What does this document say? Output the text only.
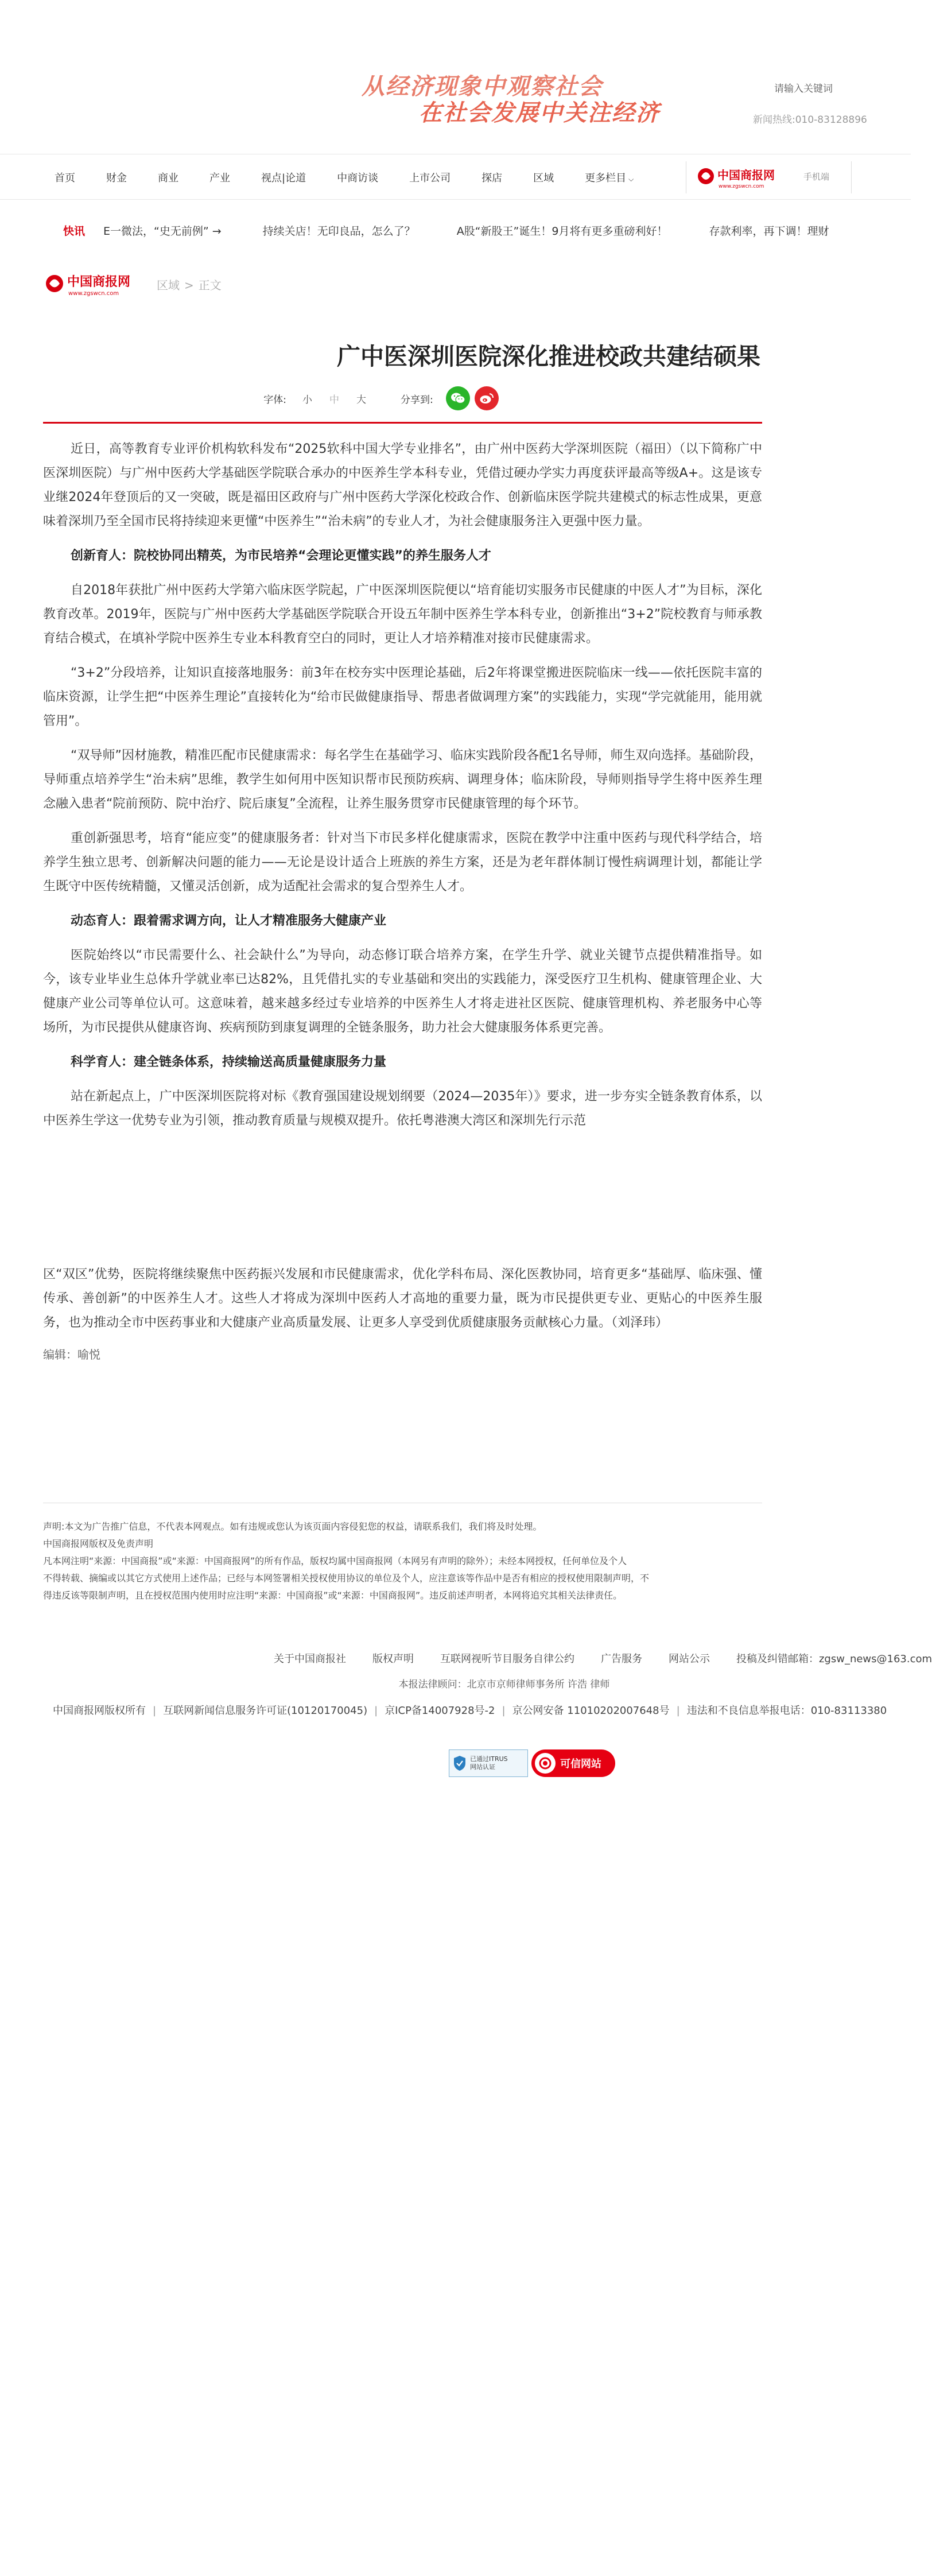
从经济现象中观察社会
在社会发展中关注经济
请输入关键词	新闻热线:010-83128896
首页	财金	商业	产业	视点|论道	中商访谈	上市公司	探店	区域	更多栏目 ⌵	中国商报网
www.zgswcn.com
手机端
快讯 E一微法，“史无前例” →	持续关店！无印良品，怎么了？	A股“新股王”诞生！9月将有更多重磅利好！	存款利率，再下调！理财
中国商报网
www.zgswcn.com
区域 > 正文
广中医深圳医院深化推进校政共建结硕果
字体: 小 中 大	分享到:

近日，高等教育专业评价机构软科发布“2025软科中国大学专业排名”，由广州中医药大学深圳医院（福田）（以下简称广中医深圳医院）与广州中医药大学基础医学院联合承办的中医养生学本科专业，凭借过硬办学实力再度获评最高等级A+。这是该专业继2024年登顶后的又一突破，既是福田区政府与广州中医药大学深化校政合作、创新临床医学院共建模式的标志性成果，更意味着深圳乃至全国市民将持续迎来更懂“中医养生”“治未病”的专业人才，为社会健康服务注入更强中医力量。

创新育人：院校协同出精英，为市民培养“会理论更懂实践”的养生服务人才

自2018年获批广州中医药大学第六临床医学院起，广中医深圳医院便以“培育能切实服务市民健康的中医人才”为目标，深化教育改革。2019年，医院与广州中医药大学基础医学院联合开设五年制中医养生学本科专业，创新推出“3+2”院校教育与师承教育结合模式，在填补学院中医养生专业本科教育空白的同时，更让人才培养精准对接市民健康需求。

“3+2”分段培养，让知识直接落地服务：前3年在校夯实中医理论基础，后2年将课堂搬进医院临床一线——依托医院丰富的临床资源，让学生把“中医养生理论”直接转化为“给市民做健康指导、帮患者做调理方案”的实践能力，实现“学完就能用，能用就管用”。

“双导师”因材施教，精准匹配市民健康需求：每名学生在基础学习、临床实践阶段各配1名导师，师生双向选择。基础阶段，导师重点培养学生“治未病”思维，教学生如何用中医知识帮市民预防疾病、调理身体；临床阶段，导师则指导学生将中医养生理念融入患者“院前预防、院中治疗、院后康复”全流程，让养生服务贯穿市民健康管理的每个环节。

重创新强思考，培育“能应变”的健康服务者：针对当下市民多样化健康需求，医院在教学中注重中医药与现代科学结合，培养学生独立思考、创新解决问题的能力——无论是设计适合上班族的养生方案，还是为老年群体制订慢性病调理计划，都能让学生既守中医传统精髓，又懂灵活创新，成为适配社会需求的复合型养生人才。

动态育人：跟着需求调方向，让人才精准服务大健康产业

医院始终以“市民需要什么、社会缺什么”为导向，动态修订联合培养方案，在学生升学、就业关键节点提供精准指导。如今，该专业毕业生总体升学就业率已达82%，且凭借扎实的专业基础和突出的实践能力，深受医疗卫生机构、健康管理企业、大健康产业公司等单位认可。这意味着，越来越多经过专业培养的中医养生人才将走进社区医院、健康管理机构、养老服务中心等场所，为市民提供从健康咨询、疾病预防到康复调理的全链条服务，助力社会大健康服务体系更完善。

科学育人：建全链条体系，持续输送高质量健康服务力量

站在新起点上，广中医深圳医院将对标《教育强国建设规划纲要（2024—2035年）》要求，进一步夯实全链条教育体系，以中医养生学这一优势专业为引领，推动教育质量与规模双提升。依托粤港澳大湾区和深圳先行示范

区“双区”优势，医院将继续聚焦中医药振兴发展和市民健康需求，优化学科布局、深化医教协同，培育更多“基础厚、临床强、懂传承、善创新”的中医养生人才。这些人才将成为深圳中医药人才高地的重要力量，既为市民提供更专业、更贴心的中医养生服务，也为推动全市中医药事业和大健康产业高质量发展、让更多人享受到优质健康服务贡献核心力量。（刘泽玮）

编辑：喻悦
声明:本文为广告推广信息，不代表本网观点。如有违规或您认为该页面内容侵犯您的权益，请联系我们，我们将及时处理。
中国商报网版权及免责声明
凡本网注明“来源：中国商报”或“来源：中国商报网”的所有作品，版权均属中国商报网（本网另有声明的除外）；未经本网授权，任何单位及个人
不得转载、摘编或以其它方式使用上述作品；已经与本网签署相关授权使用协议的单位及个人，应注意该等作品中是否有相应的授权使用限制声明，不
得违反该等限制声明，且在授权范围内使用时应注明“来源：中国商报”或“来源：中国商报网”。违反前述声明者，本网将追究其相关法律责任。
关于中国商报社	版权声明	互联网视听节目服务自律公约	广告服务	网站公示	投稿及纠错邮箱：zgsw_news@163.com
本报法律顾问：北京市京师律师事务所 许浩 律师
中国商报网版权所有 | 互联网新闻信息服务许可证(10120170045) | 京ICP备14007928号-2 | 京公网安备 11010202007648号 | 违法和不良信息举报电话：010-83113380
已通过ITRUS
网站认证	可信网站
